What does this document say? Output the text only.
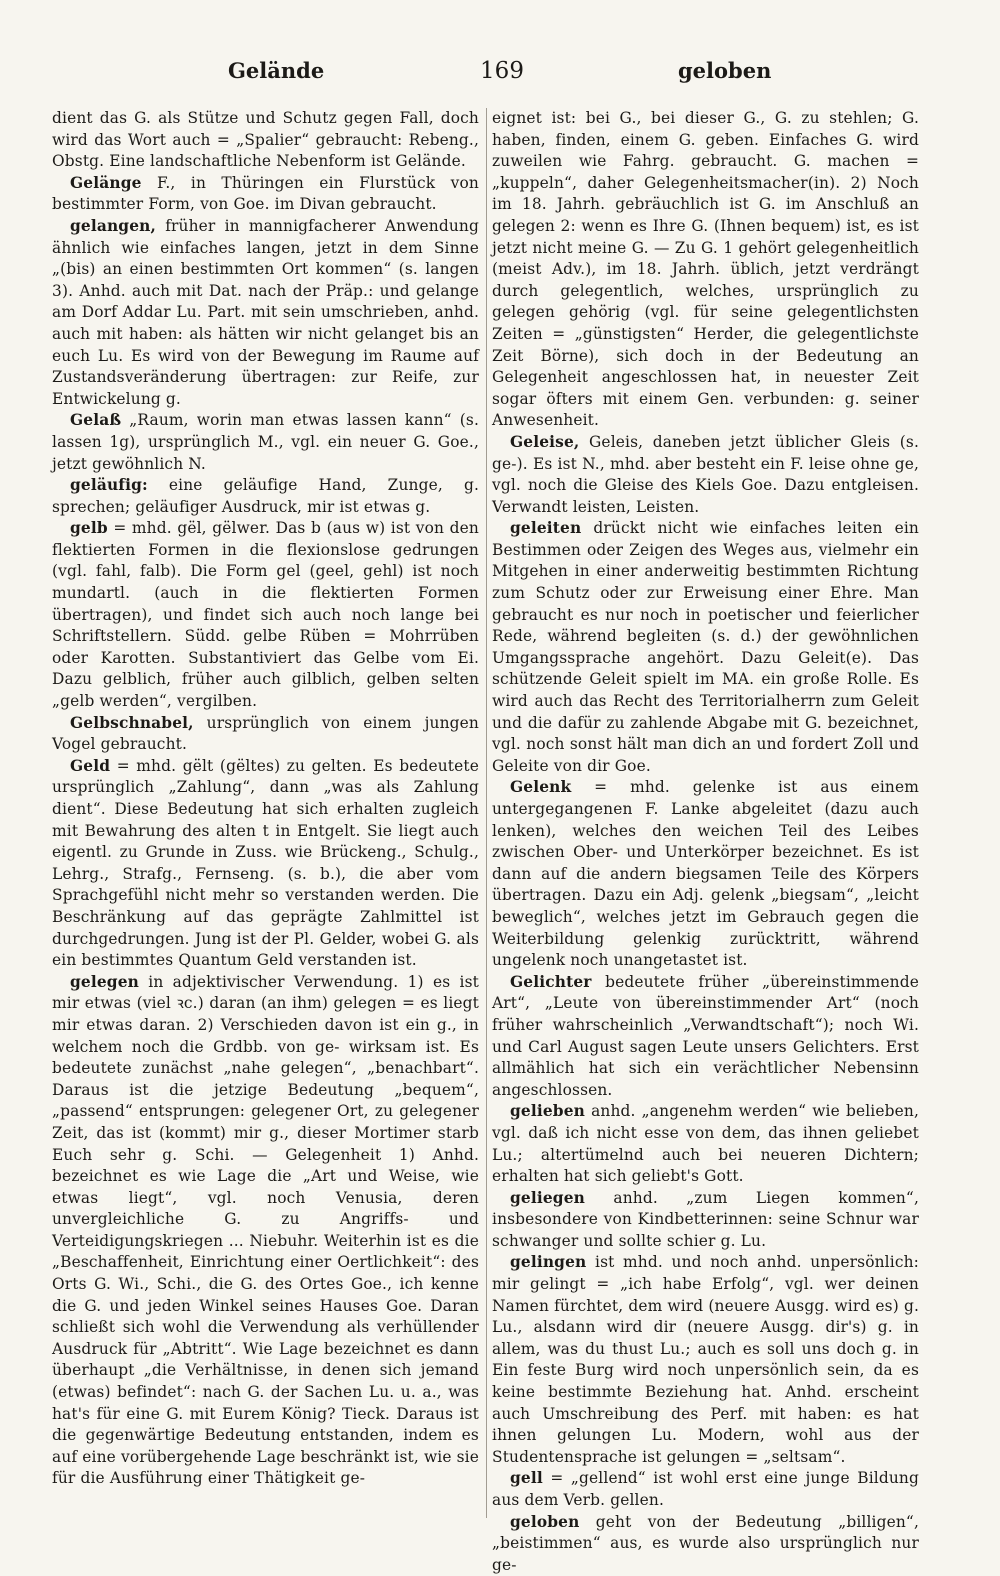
Gelände	169	geloben

dient das G. als Stütze und Schutz gegen Fall, doch wird das Wort auch = „Spalier“ gebraucht: Rebeng., Obstg. Eine landschaftliche Nebenform ist Geländе.

Gelänge F., in Thüringen ein Flurstück von bestimmter Form, von Goe. im Divan gebraucht.

gelangen, früher in mannigfacherer Anwendung ähnlich wie einfaches langen, jetzt in dem Sinne „(bis) an einen bestimmten Ort kommen“ (s. langen 3). Anhd. auch mit Dat. nach der Präp.: und gelange am Dorf Addar Lu. Part. mit sein umschrieben, anhd. auch mit haben: als hätten wir nicht gelanget bis an euch Lu. Es wird von der Bewegung im Raume auf Zustandsveränderung übertragen: zur Reife, zur Entwickelung g.

Gelaß „Raum, worin man etwas lassen kann“ (s. lassen 1g), ursprünglich M., vgl. ein neuer G. Goe., jetzt gewöhnlich N.

geläufig: eine geläufige Hand, Zunge, g. sprechen; geläufiger Ausdruck, mir ist etwas g.

gelb = mhd. gël, gëlwer. Das b (aus w) ist von den flektierten Formen in die flexionslose gedrungen (vgl. fahl, falb). Die Form gel (geel, gehl) ist noch mundartl. (auch in die flektierten Formen übertragen), und findet sich auch noch lange bei Schriftstellern. Südd. gelbe Rüben = Mohrrüben oder Karotten. Substantiviert das Gelbe vom Ei. Dazu gelblich, früher auch gilblich, gelben selten „gelb werden“, vergilben.

Gelbschnabel, ursprünglich von einem jungen Vogel gebraucht.

Geld = mhd. gëlt (gëltes) zu gelten. Es bedeutete ursprünglich „Zahlung“, dann „was als Zahlung dient“. Diese Bedeutung hat sich erhalten zugleich mit Bewahrung des alten t in Entgelt. Sie liegt auch eigentl. zu Grunde in Zuss. wie Brückeng., Schulg., Lehrg., Strafg., Fernseng. (s. b.), die aber vom Sprachgefühl nicht mehr so verstanden werden. Die Beschränkung auf das geprägte Zahlmittel ist durchgedrungen. Jung ist der Pl. Gelder, wobei G. als ein bestimmtes Quantum Geld verstanden ist.

gelegen in adjektivischer Verwendung. 1) es ist mir etwas (viel ꝛc.) daran (an ihm) gelegen = es liegt mir etwas daran. 2) Verschieden davon ist ein g., in welchem noch die Grdbb. von ge- wirksam ist. Es bedeutete zunächst „nahe gelegen“, „benachbart“. Daraus ist die jetzige Bedeutung „bequem“, „passend“ entsprungen: gelegener Ort, zu gelegener Zeit, das ist (kommt) mir g., dieser Mortimer starb Euch sehr g. Schi. — Gelegenheit 1) Anhd. bezeichnet es wie Lage die „Art und Weise, wie etwas liegt“, vgl. noch Venusia, deren unvergleichliche G. zu Angriffs- und Verteidigungskriegen ... Niebuhr. Weiterhin ist es die „Beschaffenheit, Einrichtung einer Oertlichkeit“: des Orts G. Wi., Schi., die G. des Ortes Goe., ich kenne die G. und jeden Winkel seines Hauses Goe. Daran schließt sich wohl die Verwendung als verhüllender Ausdruck für „Abtritt“. Wie Lage bezeichnet es dann überhaupt „die Verhältnisse, in denen sich jemand (etwas) befindet“: nach G. der Sachen Lu. u. a., was hat's für eine G. mit Eurem König? Tieck. Daraus ist die gegenwärtige Bedeutung entstanden, indem es auf eine vorübergehende Lage beschränkt ist, wie sie für die Ausführung einer Thätigkeit ge-

eignet ist: bei G., bei dieser G., G. zu stehlen; G. haben, finden, einem G. geben. Einfaches G. wird zuweilen wie Fahrg. gebraucht. G. machen = „kuppeln“, daher Gelegenheitsmacher(in). 2) Noch im 18. Jahrh. gebräuchlich ist G. im Anschluß an gelegen 2: wenn es Ihre G. (Ihnen bequem) ist, es ist jetzt nicht meine G. — Zu G. 1 gehört gelegenheitlich (meist Adv.), im 18. Jahrh. üblich, jetzt verdrängt durch gelegentlich, welches, ursprünglich zu gelegen gehörig (vgl. für seine gelegentlichsten Zeiten = „günstigsten“ Herder, die gelegentlichste Zeit Börne), sich doch in der Bedeutung an Gelegenheit angeschlossen hat, in neuester Zeit sogar öfters mit einem Gen. verbunden: g. seiner Anwesenheit.

Geleise, Geleis, daneben jetzt üblicher Gleis (s. ge-). Es ist N., mhd. aber besteht ein F. leise ohne ge, vgl. noch die Gleise des Kiels Goe. Dazu entgleisen. Verwandt leisten, Leisten.

geleiten drückt nicht wie einfaches leiten ein Bestimmen oder Zeigen des Weges aus, vielmehr ein Mitgehen in einer anderweitig bestimmten Richtung zum Schutz oder zur Erweisung einer Ehre. Man gebraucht es nur noch in poetischer und feierlicher Rede, während begleiten (s. d.) der gewöhnlichen Umgangssprache angehört. Dazu Geleit(e). Das schützende Geleit spielt im MA. ein große Rolle. Es wird auch das Recht des Territorialherrn zum Geleit und die dafür zu zahlende Abgabe mit G. bezeichnet, vgl. noch sonst hält man dich an und fordert Zoll und Geleite von dir Goe.

Gelenk = mhd. gelenke ist aus einem untergegangenen F. Lanke abgeleitet (dazu auch lenken), welches den weichen Teil des Leibes zwischen Ober- und Unterkörper bezeichnet. Es ist dann auf die andern biegsamen Teile des Körpers übertragen. Dazu ein Adj. gelenk „biegsam“, „leicht beweglich“, welches jetzt im Gebrauch gegen die Weiterbildung gelenkig zurücktritt, während ungelenk noch unangetastet ist.

Gelichter bedeutete früher „übereinstimmende Art“, „Leute von übereinstimmender Art“ (noch früher wahrscheinlich „Verwandtschaft“); noch Wi. und Carl August sagen Leute unsers Gelichters. Erst allmählich hat sich ein verächtlicher Nebensinn angeschlossen.

gelieben anhd. „angenehm werden“ wie belieben, vgl. daß ich nicht esse von dem, das ihnen geliebet Lu.; altertümelnd auch bei neueren Dichtern; erhalten hat sich geliebt's Gott.

geliegen anhd. „zum Liegen kommen“, insbesondere von Kindbetterinnen: seine Schnur war schwanger und sollte schier g. Lu.

gelingen ist mhd. und noch anhd. unpersönlich: mir gelingt = „ich habe Erfolg“, vgl. wer deinen Namen fürchtet, dem wird (neuere Ausgg. wird es) g. Lu., alsdann wird dir (neuere Ausgg. dir's) g. in allem, was du thust Lu.; auch es soll uns doch g. in Ein feste Burg wird noch unpersönlich sein, da es keine bestimmte Beziehung hat. Anhd. erscheint auch Umschreibung des Perf. mit haben: es hat ihnen gelungen Lu. Modern, wohl aus der Studentensprache ist gelungen = „seltsam“.

gell = „gellend“ ist wohl erst eine junge Bildung aus dem Verb. gellen.

geloben geht von der Bedeutung „billigen“, „beistimmen“ aus, es wurde also ursprünglich nur ge-
